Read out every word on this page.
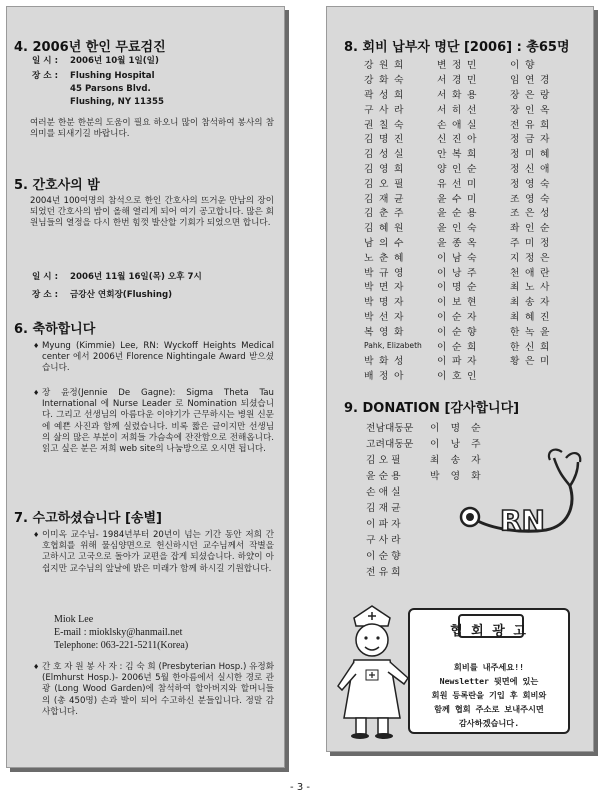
4. 2006년 한인 무료검진
일 시 : 2006년 10월 1일(일)
장 소 : Flushing Hospital
45 Parsons Blvd.
Flushing, NY 11355
여러분 한분 한분의 도움이 필요 하오니 많이 참석하여 봉사의 참 의미를 되새기길 바랍니다.
5. 간호사의 밤
2004년 100여명의 참석으로 한인 간호사의 뜨거운 만남의 장이 되었던 간호사의 밤이 올해 열리게 되어 여기 공고합니다. 많은 회원님들의 열정을 다시 한번 힘껏 발산할 기회가 되었으면 합니다.
일 시 : 2006년 11월 16일(목) 오후 7시
장 소 : 금강산 연회장(Flushing)
6. 축하합니다
♦ Myung (Kimmie) Lee, RN: Wyckoff Heights Medical center 에서 2006년 Florence Nightingale Award 받으셨습니다.
♦ 장 윤정(Jennie De Gagne): Sigma Theta Tau International 에 Nurse Leader 로 Nomination 되셨습니다. 그리고 선생님의 아름다운 이야기가 근무하시는 병원 신문에 예쁜 사진과 함께 실렸습니다. 비록 짧은 글이지만 선생님의 삶의 많은 부분이 저희들 가슴속에 잔잔함으로 전해옵니다. 읽고 싶은 분은 저희 web site의 나눔방으로 오시면 됩니다.
7. 수고하셨습니다 [송별]
♦ 이미옥 교수님- 1984년부터 20년이 넘는 기간 동안 저희 간호협회를 위해 물심양면으로 헌신하시던 교수님께서 작별을 고하시고 고국으로 돌아가 교편을 잡게 되셨습니다. 하얐이 아쉽지만 교수님의 앞날에 밝은 미래가 함께 하시길 기원합니다.
Miok Lee
E-mail : mioklsky@hanmail.net
Telephone: 063-221-5211(Korea)
♦ 간 호 자 원 봉 사 자 : 김 숙 희 (Presbyterian Hosp.) 유정화 (Elmhurst Hosp.)- 2006년 5월 한아름에서 실시한 경로 관광 (Long Wood Garden)에 참석하여 할아버지와 할머니들의 (총 450명) 손과 발이 되어 수고하신 분들입니다. 정말 감사합니다.
8. 회비 납부자 명단 [2006] : 총65명
강 원 희	변 정 민	이 향
강 화 숙	서 경 민	임 연 경
곽 성 희	서 화 용	장 은 랑
구 사 라	서 히 선	장 인 옥
권 칠 숙	손 애 실	전 유 희
김 명 진	신 진 아	정 금 자
김 성 실	안 복 희	정 미 혜
김 영 희	양 인 순	정 신 애
김 오 필	유 선 미	정 영 숙
김 재 균	윤 수 미	조 영 숙
김 춘 주	윤 순 용	조 은 성
김 혜 원	윤 인 숙	좌 인 순
남 의 수	윤 종 옥	주 미 정
노 춘 혜	이 남 숙	지 정 은
박 규 영	이 낭 주	천 애 란
박 면 자	이 명 순	최 노 사
박 명 자	이 보 현	최 송 자
박 선 자	이 순 자	최 혜 진
복 영 화	이 순 향	한 녹 윤
Pahk, Elizabeth	이 순 희	한 신 희
박 화 성	이 파 자	황 은 미
배 정 아	이 호 인	
9. DONATION [감사합니다]
전남대동문	이 명 순	
고려대동문	이 낭 주	
김 오 필	최 송 자	
윤 순 용	박 영 화	
손 애 실		
김 재 균		
이 파 자		
구 사 라		
이 순 향		
전 유 희		
RN
협 회 광 고
회비를 내주세요!!
Newsletter 뒷면에 있는
회원 등록란을 기입 후 회비와
함께 협회 주소로 보내주시면
감사하겠습니다.
- 3 -
